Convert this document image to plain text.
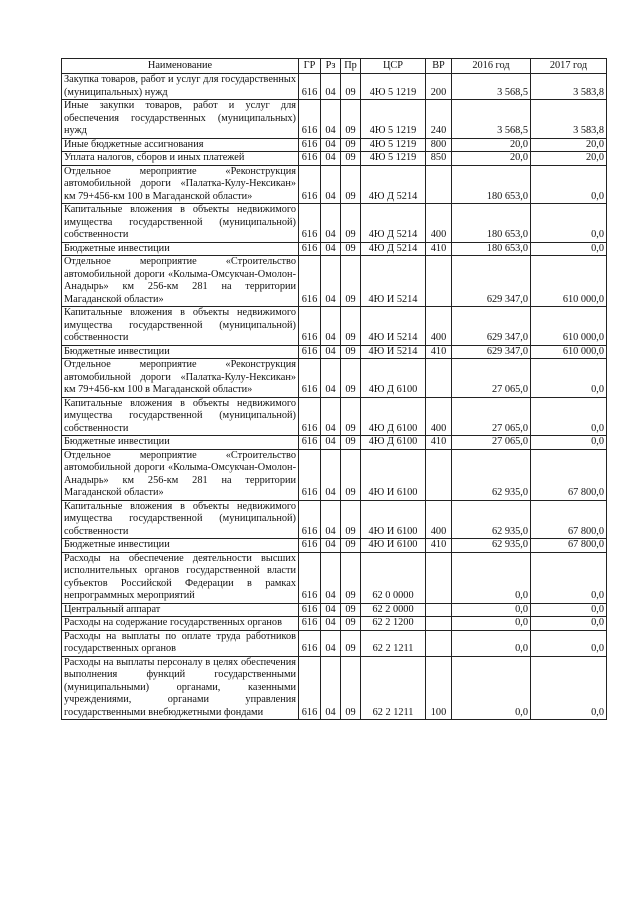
Наименование	ГР	Рз	Пр	ЦСР	ВР	2016 год	2017 год
Закупка товаров, работ и услуг для государственных (муниципальных) нужд	616	04	09	4Ю 5 1219	200	3 568,5	3 583,8
Иные закупки товаров, работ и услуг для обеспечения государственных (муниципальных) нужд	616	04	09	4Ю 5 1219	240	3 568,5	3 583,8
Иные бюджетные ассигнования	616	04	09	4Ю 5 1219	800	20,0	20,0
Уплата налогов, сборов и иных платежей	616	04	09	4Ю 5 1219	850	20,0	20,0
Отдельное мероприятие «Реконструкция автомобильной дороги «Палатка-Кулу-Нексикан» км 79+456-км 100 в Магаданской области»	616	04	09	4Ю Д 5214		180 653,0	0,0
Капитальные вложения в объекты недвижимого имущества государственной (муниципальной) собственности	616	04	09	4Ю Д 5214	400	180 653,0	0,0
Бюджетные инвестиции	616	04	09	4Ю Д 5214	410	180 653,0	0,0
Отдельное мероприятие «Строительство автомобильной дороги «Колыма-Омсукчан-Омолон-Анадырь» км 256-км 281 на территории Магаданской области»	616	04	09	4Ю И 5214		629 347,0	610 000,0
Капитальные вложения в объекты недвижимого имущества государственной (муниципальной) собственности	616	04	09	4Ю И 5214	400	629 347,0	610 000,0
Бюджетные инвестиции	616	04	09	4Ю И 5214	410	629 347,0	610 000,0
Отдельное мероприятие «Реконструкция автомобильной дороги «Палатка-Кулу-Нексикан» км 79+456-км 100 в Магаданской области»	616	04	09	4Ю Д 6100		27 065,0	0,0
Капитальные вложения в объекты недвижимого имущества государственной (муниципальной) собственности	616	04	09	4Ю Д 6100	400	27 065,0	0,0
Бюджетные инвестиции	616	04	09	4Ю Д 6100	410	27 065,0	0,0
Отдельное мероприятие «Строительство автомобильной дороги «Колыма-Омсукчан-Омолон-Анадырь» км 256-км 281 на территории Магаданской области»	616	04	09	4Ю И 6100		62 935,0	67 800,0
Капитальные вложения в объекты недвижимого имущества государственной (муниципальной) собственности	616	04	09	4Ю И 6100	400	62 935,0	67 800,0
Бюджетные инвестиции	616	04	09	4Ю И 6100	410	62 935,0	67 800,0
Расходы на обеспечение деятельности высших исполнительных органов государственной власти субъектов Российской Федерации в рамках непрограммных мероприятий	616	04	09	62 0 0000		0,0	0,0
Центральный аппарат	616	04	09	62 2 0000		0,0	0,0
Расходы на содержание государственных органов	616	04	09	62 2 1200		0,0	0,0
Расходы на выплаты по оплате труда работников государственных органов	616	04	09	62 2 1211		0,0	0,0
Расходы на выплаты персоналу в целях обеспечения выполнения функций государственными (муниципальными) органами, казенными учреждениями, органами управления государственными внебюджетными фондами	616	04	09	62 2 1211	100	0,0	0,0
